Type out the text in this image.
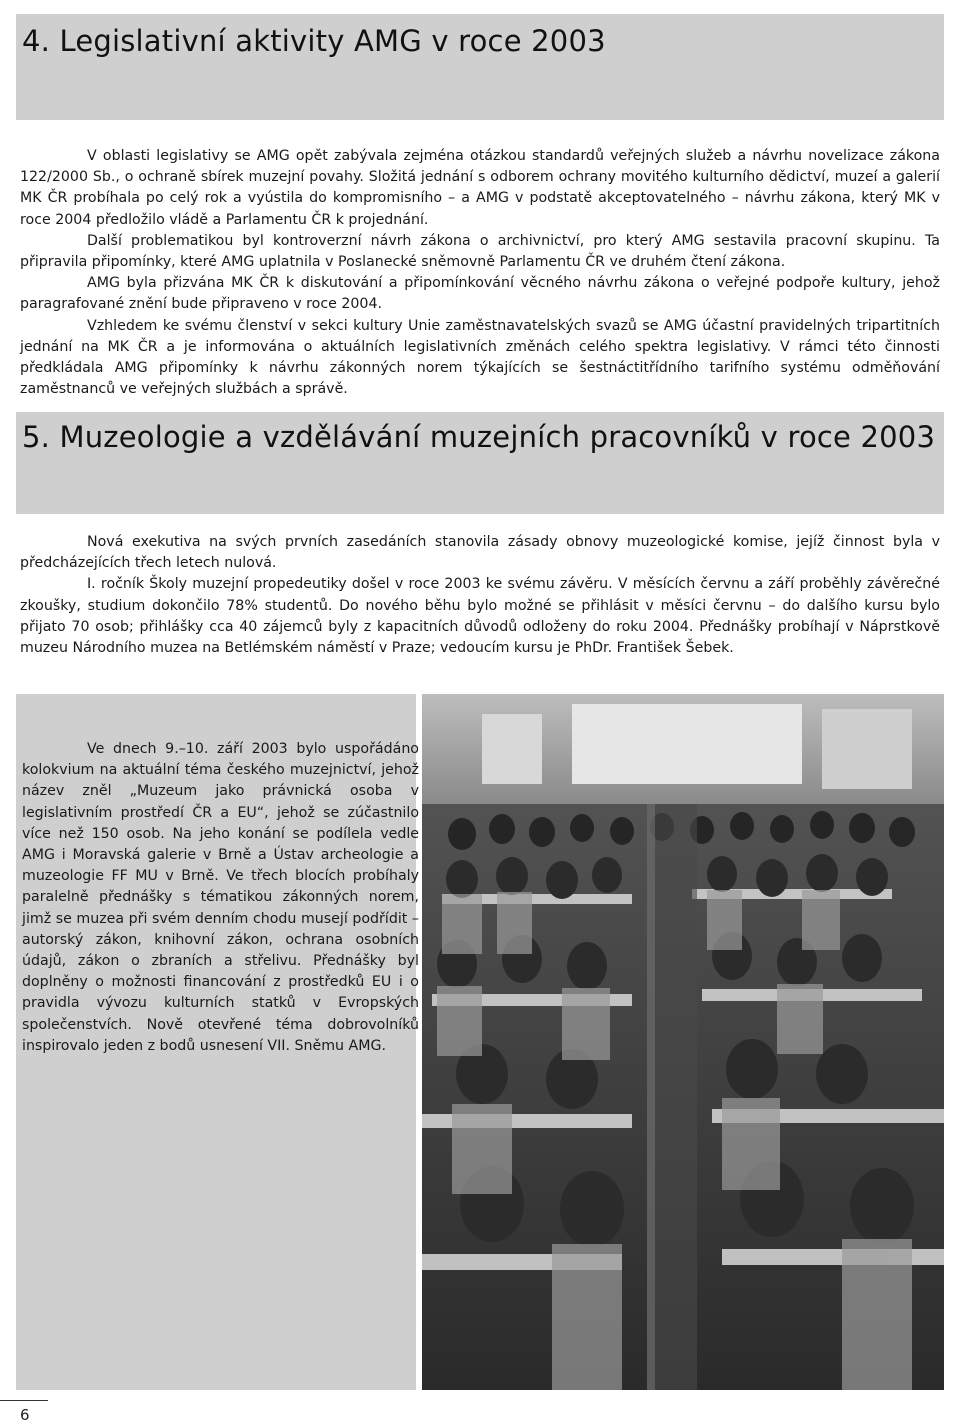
4. Legislativní aktivity AMG v roce 2003

V oblasti legislativy se AMG opět zabývala zejména otázkou standardů veřejných služeb a návrhu novelizace zákona 122/2000 Sb., o ochraně sbírek muzejní povahy. Složitá jednání s odborem ochrany movitého kulturního dědictví, muzeí a galerií MK ČR probíhala po celý rok a vyústila do kompromisního – a AMG v podstatě akceptovatelného – návrhu zákona, který MK v roce 2004 předložilo vládě a Parlamentu ČR k projednání.

Další problematikou byl kontroverzní návrh zákona o archivnictví, pro který AMG sestavila pracovní skupinu. Ta připravila připomínky, které AMG uplatnila v Poslanecké sněmovně Parlamentu ČR ve druhém čtení zákona.

AMG byla přizvána MK ČR k diskutování a připomínkování věcného návrhu zákona o veřejné podpoře kultury, jehož paragrafované znění bude připraveno v roce 2004.

Vzhledem ke svému členství v sekci kultury Unie zaměstnavatelských svazů se AMG účastní pravidelných tripartitních jednání na MK ČR a je informována o aktuálních legislativních změnách celého spektra legislativy. V rámci této činnosti předkládala AMG připomínky k návrhu zákonných norem týkajících se šestnáctitřídního tarifního systému odměňování zaměstnanců ve veřejných službách a správě.

5. Muzeologie a vzdělávání muzejních pracovníků v roce 2003

Nová exekutiva na svých prvních zasedáních stanovila zásady obnovy muzeologické komise, jejíž činnost byla v předcházejících třech letech nulová.

I. ročník Školy muzejní propedeutiky došel v roce 2003 ke svému závěru. V měsících červnu a září proběhly závěrečné zkoušky, studium dokončilo 78% studentů. Do nového běhu bylo možné se přihlásit v měsíci červnu – do dalšího kursu bylo přijato 70 osob; přihlášky cca 40 zájemců byly z kapacitních důvodů odloženy do roku 2004. Přednášky probíhají v Náprstkově muzeu Národního muzea na Betlémském náměstí v Praze; vedoucím kursu je PhDr. František Šebek.

Ve dnech 9.–10. září 2003 bylo uspořádáno kolokvium na aktuální téma českého muzejnictví, jehož název zněl „Muzeum jako právnická osoba v legislativním prostředí ČR a EU“, jehož se zúčastnilo více než 150 osob. Na jeho konání se podílela vedle AMG i Moravská galerie v Brně a Ústav archeologie a muzeologie FF MU v Brně. Ve třech blocích probíhaly paralelně přednášky s tématikou zákonných norem, jimž se muzea při svém denním chodu musejí podřídit – autorský zákon, knihovní zákon, ochrana osobních údajů, zákon o zbraních a střelivu. Přednášky byl doplněny o možnosti financování z prostředků EU i o pravidla vývozu kulturních statků v Evropských společenstvích. Nově otevřené téma dobrovolníků inspirovalo jeden z bodů usnesení VII. Sněmu AMG.

6
